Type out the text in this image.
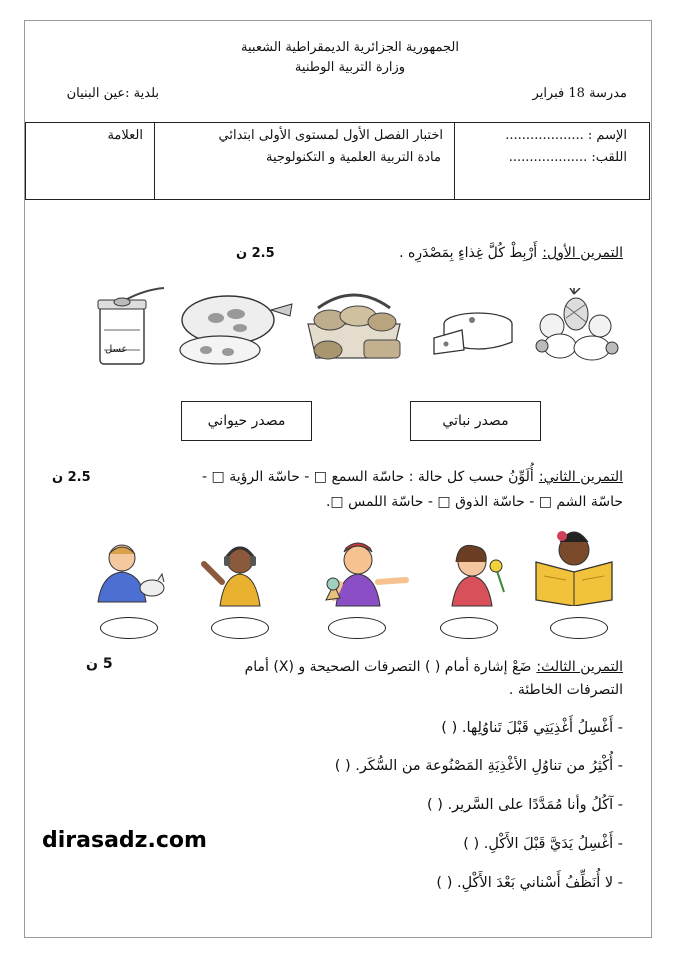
الجمهورية الجزائرية الديمقراطية الشعبية
وزارة التربية الوطنية
بلدية :عين البنيان	مدرسة 18 فبراير
الإسم : ...................
اللقب: ...................
اختبار الفصل الأول لمستوى الأولى ابتدائي
مادة التربية العلمية و التكنولوجية
العلامة
التمرين الأول: أَرْبِطْ كُلَّ غِذاءٍ بِمَصْدَرِه .
2.5 ن
عسل
مصدر حيواني	مصدر نباتي
التمرين الثاني: أُلَوِّنُ حسب كل حالة : حاسّة السمع □ - حاسّة الرؤية □ -
حاسّة الشم □ - حاسّة الذوق □ - حاسّة اللمس □.
2.5 ن
التمرين الثالث: ضَعْ إشارة أمام ( ) التصرفات الصحيحة و (X) أمام
التصرفات الخاطئة .
5 ن
- أَغْسِلُ أَغْذِيَتِي قَبْلَ تَناوُلِها. ( )
- أُكْثِرُ من تناوُلِ الأغْذِيَةِ المَصْنُوعة من السُّكَر. ( )
- آكُلُ وأنا مُمَدَّدًا على السَّرير. ( )
- أَغْسِلُ يَدَيَّ قَبْلَ الأَكْلِ. ( )
- لا أُنَظِّفُ أَسْناني بَعْدَ الأَكْلِ. ( )
dirasadz.com
